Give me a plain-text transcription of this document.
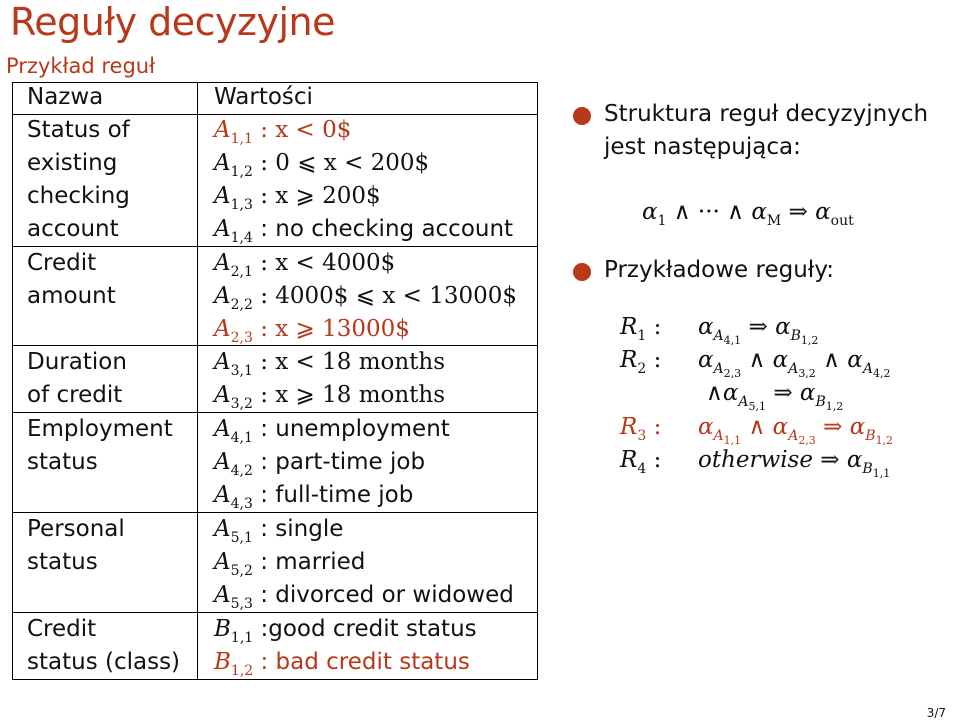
Reguły decyzyjne
Przykład reguł
Nazwa	Wartości
Status of
existing
checking
account
$A_{1,1}$ : x < 0$
$A_{1,2}$ : 0 ⩽ x < 200$
$A_{1,3}$ : x ⩾ 200$
$A_{1,4}$ : no checking account
Credit
amount
$A_{2,1}$ : x < 4000$
$A_{2,2}$ : 4000$ ⩽ x < 13000$
$A_{2,3}$ : x ⩾ 13000$
Duration
of credit
$A_{3,1}$ : x < 18 months
$A_{3,2}$ : x ⩾ 18 months
Employment
status
$A_{4,1}$ : unemployment
$A_{4,2}$ : part-time job
$A_{4,3}$ : full-time job
Personal
status
$A_{5,1}$ : single
$A_{5,2}$ : married
$A_{5,3}$ : divorced or widowed
Credit
status (class)
$B_{1,1}$ :good credit status
$B_{1,2}$ : bad credit status
Struktura reguł decyzyjnych
jest następująca:
$\alpha_1$ ∧ ··· ∧ $\alpha_M$ ⇒ $\alpha_{out}$
Przykładowe reguły:
$R_1$ : $\alpha_{A_{4,1}}$ ⇒ $\alpha_{B_{1,2}}$
$R_2$ : $\alpha_{A_{2,3}}$ ∧ $\alpha_{A_{3,2}}$ ∧ $\alpha_{A_{4,2}}$
$\wedge\alpha_{A_{5,1}}$ ⇒ $\alpha_{B_{1,2}}$
$R_3$ : $\alpha_{A_{1,1}}$ ∧ $\alpha_{A_{2,3}}$ ⇒ $\alpha_{B_{1,2}}$
$R_4$ : otherwise ⇒ $\alpha_{B_{1,1}}$
3/7
